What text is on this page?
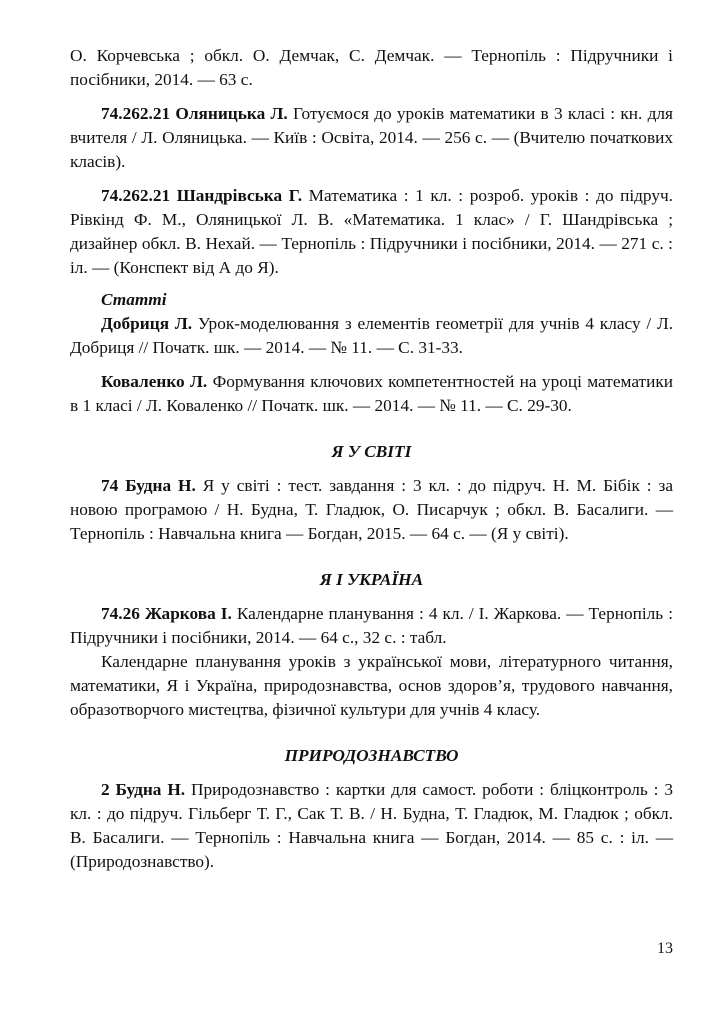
О. Корчевська ; обкл. О. Демчак, С. Демчак. — Тернопіль : Підручники і посібники, 2014. — 63 с.

74.262.21 Оляницька Л. Готуємося до уроків математики в 3 класі : кн. для вчителя / Л. Оляницька. — Київ : Освіта, 2014. — 256 с. — (Вчителю початкових класів).

74.262.21 Шандрівська Г. Математика : 1 кл. : розроб. уроків : до підруч. Рівкінд Ф. М., Оляницької Л. В. «Математика. 1 клас» / Г. Шандрівська ; дизайнер обкл. В. Нехай. — Тернопіль : Підручники і посібники, 2014. — 271 с. : іл. — (Конспект від А до Я).

Статті

Добриця Л. Урок-моделювання з елементів геометрії для учнів 4 класу / Л. Добриця // Початк. шк. — 2014. — № 11. — С. 31-33.

Коваленко Л. Формування ключових компетентностей на уроці математики в 1 класі / Л. Коваленко // Початк. шк. — 2014. — № 11. — С. 29-30.

Я У СВІТІ

74 Будна Н. Я у світі : тест. завдання : 3 кл. : до підруч. Н. М. Бібік : за новою програмою / Н. Будна, Т. Гладюк, О. Писарчук ; обкл. В. Басалиги. — Тернопіль : Навчальна книга — Богдан, 2015. — 64 с. — (Я у світі).

Я І УКРАЇНА

74.26 Жаркова І. Календарне планування : 4 кл. / І. Жаркова. — Тернопіль : Підручники і посібники, 2014. — 64 с., 32 с. : табл.

Календарне планування уроків з української мови, літературного читання, математики, Я і Україна, природознавства, основ здоров’я, трудового навчання, образотворчого мистецтва, фізичної культури для учнів 4 класу.

ПРИРОДОЗНАВСТВО

2 Будна Н. Природознавство : картки для самост. роботи : бліцконтроль : 3 кл. : до підруч. Гільберг Т. Г., Сак Т. В. / Н. Будна, Т. Гладюк, М. Гладюк ; обкл. В. Басалиги. — Тернопіль : Навчальна книга — Богдан, 2014. — 85 с. : іл. — (Природознавство).

13
